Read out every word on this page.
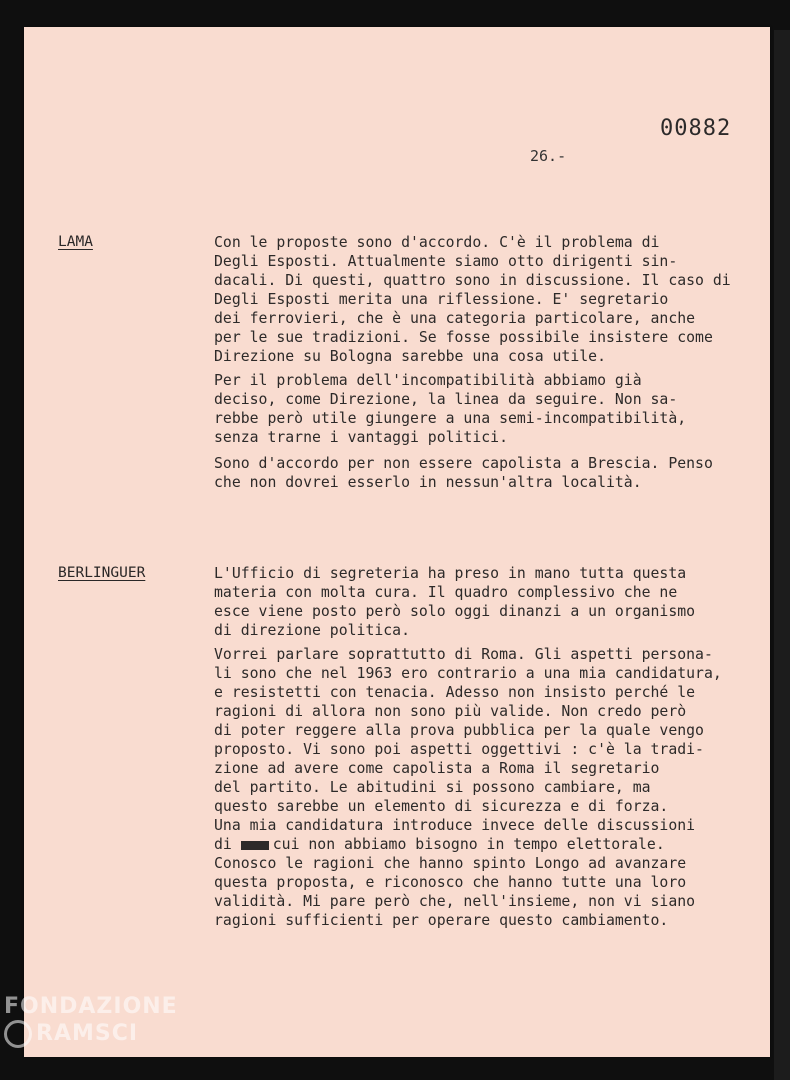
00882
26.-
LAMA	Con le proposte sono d'accordo. C'è il problema di
Degli Esposti. Attualmente siamo otto dirigenti sin-
dacali. Di questi, quattro sono in discussione. Il caso di
Degli Esposti merita una riflessione. E' segretario
dei ferrovieri, che è una categoria particolare, anche
per le sue tradizioni. Se fosse possibile insistere come
Direzione su Bologna sarebbe una cosa utile.
Per il problema dell'incompatibilità abbiamo già
deciso, come Direzione, la linea da seguire. Non sa-
rebbe però utile giungere a una semi-incompatibilità,
senza trarne i vantaggi politici.
Sono d'accordo per non essere capolista a Brescia. Penso
che non dovrei esserlo in nessun'altra località.
BERLINGUER	L'Ufficio di segreteria ha preso in mano tutta questa
materia con molta cura. Il quadro complessivo che ne
esce viene posto però solo oggi dinanzi a un organismo
di direzione politica.
Vorrei parlare soprattutto di Roma. Gli aspetti persona-
li sono che nel 1963 ero contrario a una mia candidatura,
e resistetti con tenacia. Adesso non insisto perché le
ragioni di allora non sono più valide. Non credo però
di poter reggere alla prova pubblica per la quale vengo
proposto. Vi sono poi aspetti oggettivi : c'è la tradi-
zione ad avere come capolista a Roma il segretario
del partito. Le abitudini si possono cambiare, ma
questo sarebbe un elemento di sicurezza e di forza.
Una mia candidatura introduce invece delle discussioni
di	cui non abbiamo bisogno in tempo elettorale.
Conosco le ragioni che hanno spinto Longo ad avanzare
questa proposta, e riconosco che hanno tutte una loro
validità. Mi pare però che, nell'insieme, non vi siano
ragioni sufficienti per operare questo cambiamento.
FONDAZIONE
RAMSCI
